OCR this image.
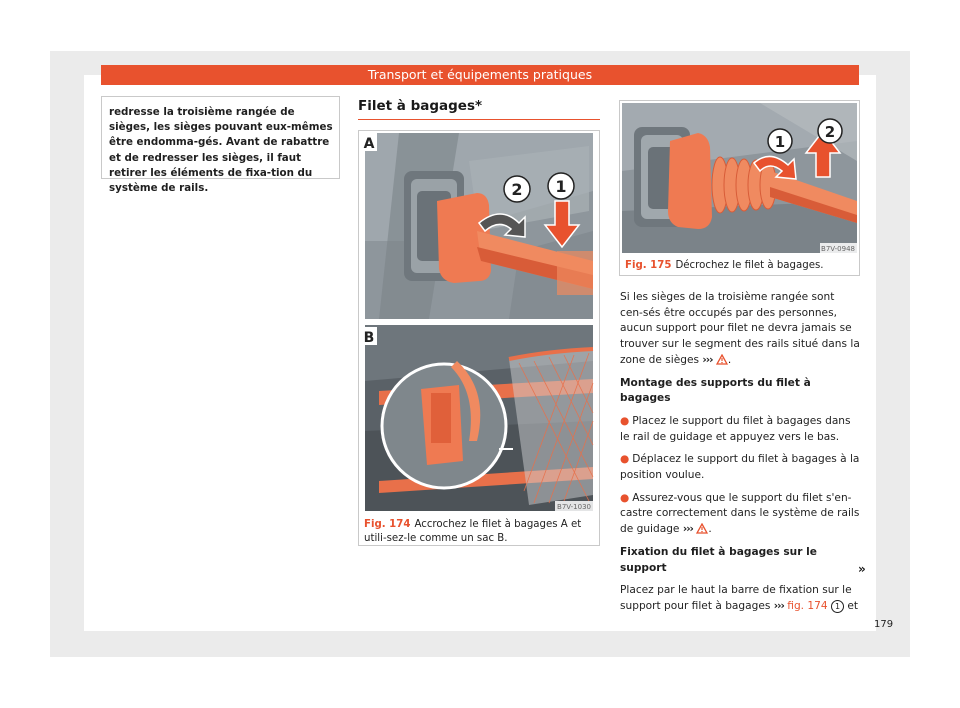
Transport et équipements pratiques
redresse la troisième rangée de sièges, les sièges pouvant eux-mêmes être endomma-gés. Avant de rabattre et de redresser les sièges, il faut retirer les éléments de fixa-tion du système de rails.
Filet à bagages*
2 1
A
B
B7V-1030
Fig. 174 Accrochez le filet à bagages A et utili-sez-le comme un sac B.
1
2
B7V-0948
Fig. 175 Décrochez le filet à bagages.

Si les sièges de la troisième rangée sont cen-sés être occupés par des personnes, aucun support pour filet ne devra jamais se trouver sur le segment des rails situé dans la zone de sièges ››› .

Montage des supports du filet à bagages

● Placez le support du filet à bagages dans le rail de guidage et appuyez vers le bas.

● Déplacez le support du filet à bagages à la position voulue.

● Assurez-vous que le support du filet s'en-castre correctement dans le système de rails de guidage ››› .

Fixation du filet à bagages sur le support

Placez par le haut la barre de fixation sur le support pour filet à bagages ››› fig. 174 1 et

»
179
